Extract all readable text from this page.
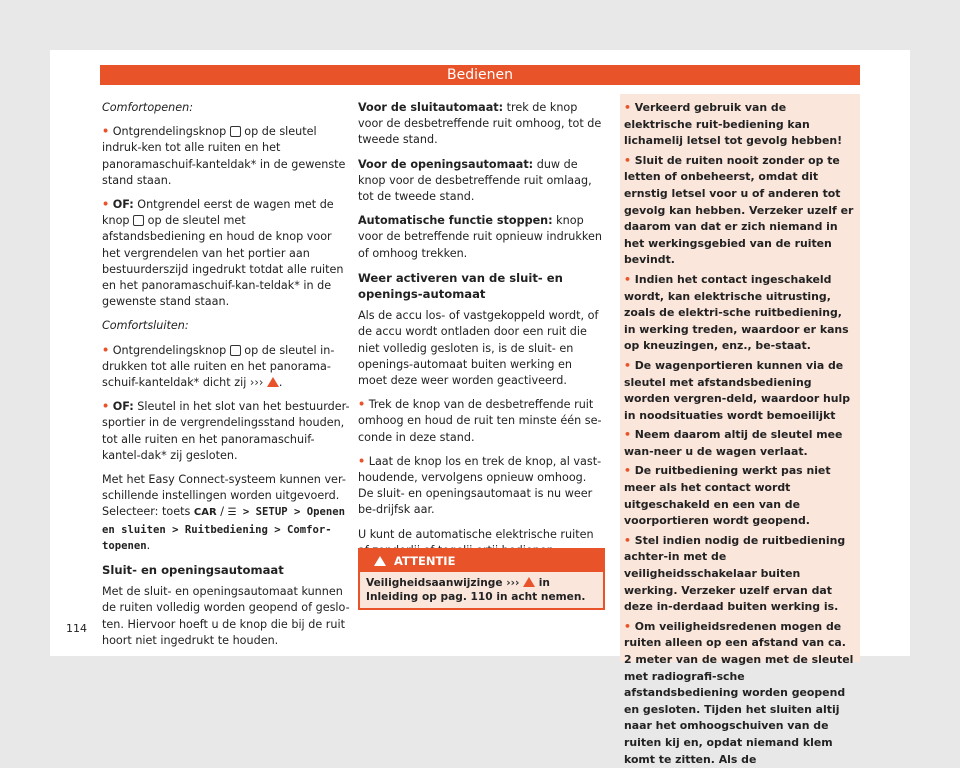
Bedienen

Comfortopenen:

• Ontgrendelingsknop  op de sleutel indruk-ken tot alle ruiten en het panoramaschuif-kanteldak* in de gewenste stand staan.

• OF: Ontgrendel eerst de wagen met de knop  op de sleutel met afstandsbediening en houd de knop voor het vergrendelen van het portier aan bestuurderszijd ingedrukt totdat alle ruiten en het panoramaschuif-kan-teldak* in de gewenste stand staan.

Comfortsluiten:

• Ontgrendelingsknop  op de sleutel in-drukken tot alle ruiten en het panorama-schuif-kanteldak* dicht zij ››› .

• OF: Sleutel in het slot van het bestuurder-sportier in de vergrendelingsstand houden, tot alle ruiten en het panoramaschuif-kantel-dak* zij gesloten.

Met het Easy Connect-systeem kunnen ver-schillende instellingen worden uitgevoerd. Selecteer: toets CAR / ☰ > SETUP > Openen en sluiten > Ruitbediening > Comfor-topenen.

Sluit- en openingsautomaat

Met de sluit- en openingsautomaat kunnen de ruiten volledig worden geopend of geslo-ten. Hiervoor hoeft u de knop die bij de ruit hoort niet ingedrukt te houden.

Voor de sluitautomaat: trek de knop voor de desbetreffende ruit omhoog, tot de tweede stand.

Voor de openingsautomaat: duw de knop voor de desbetreffende ruit omlaag, tot de tweede stand.

Automatische functie stoppen: knop voor de betreffende ruit opnieuw indrukken of omhoog trekken.

Weer activeren van de sluit- en openings-automaat

Als de accu los- of vastgekoppeld wordt, of de accu wordt ontladen door een ruit die niet volledig gesloten is, is de sluit- en openings-automaat buiten werking en moet deze weer worden geactiveerd.

• Trek de knop van de desbetreffende ruit omhoog en houd de ruit ten minste één se-conde in deze stand.

• Laat de knop los en trek de knop, al vast-houdende, vervolgens opnieuw omhoog. De sluit- en openingsautomaat is nu weer be-drijfsk aar.

U kunt de automatische elektrische ruiten

ATTENTIE
Veiligheidsaanwijzinge ›››  in Inleiding op pag. 110 in acht nemen.

• Verkeerd gebruik van de elektrische ruit-bediening kan lichamelij letsel tot gevolg hebben!

• Sluit de ruiten nooit zonder op te letten of onbeheerst, omdat dit ernstig letsel voor u of anderen tot gevolg kan hebben. Verzeker uzelf er daarom van dat er zich niemand in het werkingsgebied van de ruiten bevindt.

• Indien het contact ingeschakeld wordt, kan elektrische uitrusting, zoals de elektri-sche ruitbediening, in werking treden, waardoor er kans op kneuzingen, enz., be-staat.

• De wagenportieren kunnen via de sleutel met afstandsbediening worden vergren-deld, waardoor hulp in noodsituaties wordt bemoeilijkt

• Neem daarom altij de sleutel mee wan-neer u de wagen verlaat.

• De ruitbediening werkt pas niet meer als het contact wordt uitgeschakeld en een van de voorportieren wordt geopend.

• Stel indien nodig de ruitbediening achter-in met de veiligheidsschakelaar buiten werking. Verzeker uzelf ervan dat deze in-derdaad buiten werking is.

• Om veiligheidsredenen mogen de ruiten alleen op een afstand van ca. 2 meter van de wagen met de sleutel met radiografi-sche afstandsbediening worden geopend en gesloten. Tijden het sluiten altij naar het omhoogschuiven van de ruiten kij en, opdat niemand klem komt te zitten. Als de

114
